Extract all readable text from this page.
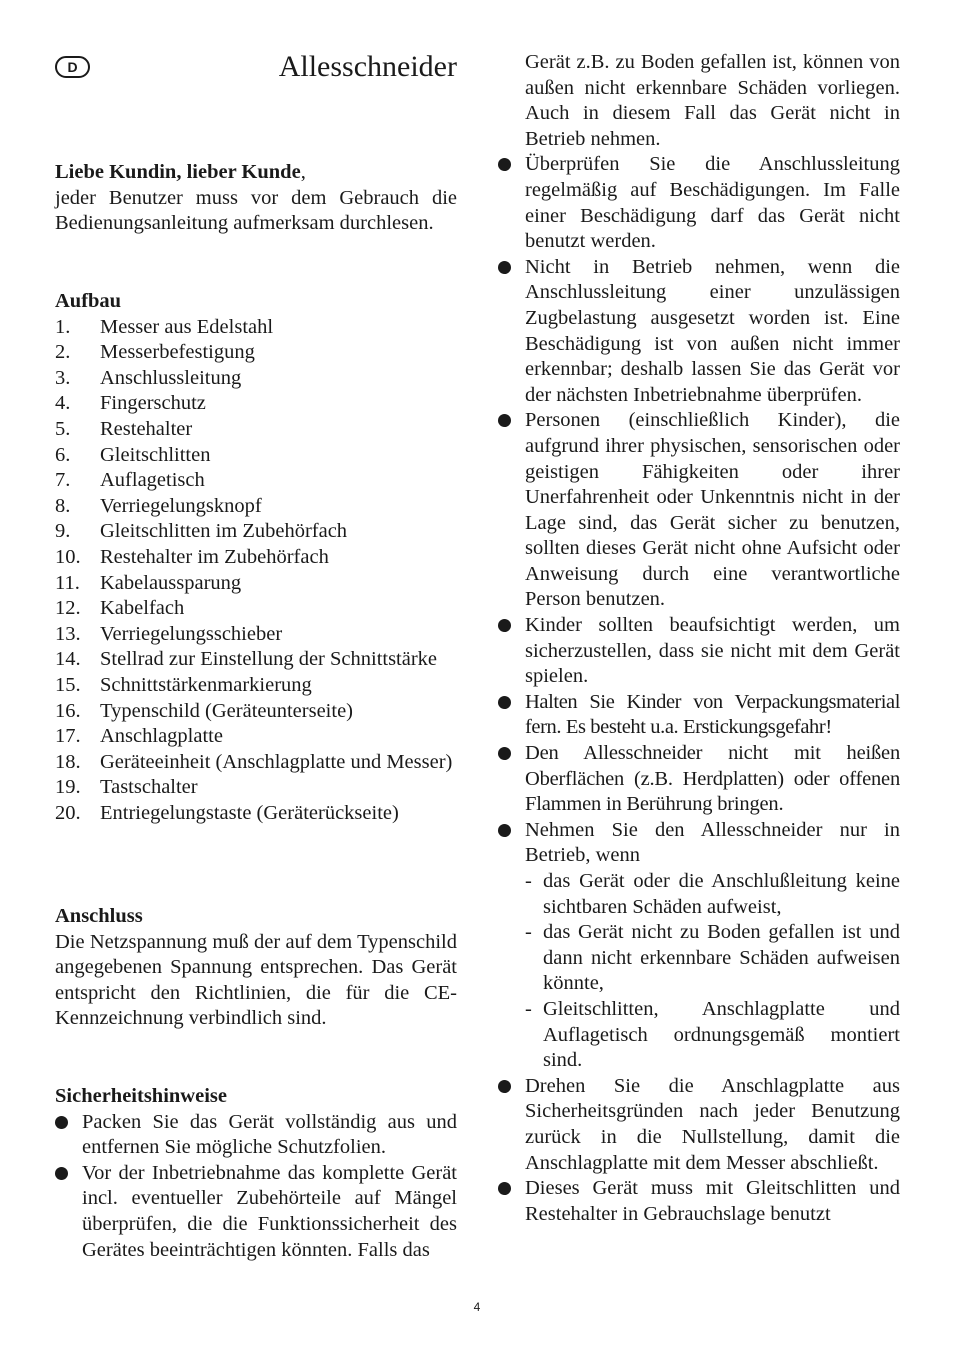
D	Allesschneider

Liebe Kundin, lieber Kunde,

jeder Benutzer muss vor dem Gebrauch die Bedienungsanleitung aufmerksam durchlesen.

Aufbau

1.	Messer aus Edelstahl
2.	Messerbefestigung
3.	Anschlussleitung
4.	Fingerschutz
5.	Restehalter
6.	Gleitschlitten
7.	Auflagetisch
8.	Verriegelungsknopf
9.	Gleitschlitten im Zubehörfach
10. Restehalter im Zubehörfach
11. Kabelaussparung
12. Kabelfach
13. Verriegelungsschieber
14. Stellrad zur Einstellung der Schnittstärke
15. Schnittstärkenmarkierung
16. Typenschild (Geräteunterseite)
17. Anschlagplatte
18. Geräteeinheit (Anschlagplatte und Messer)
19. Tastschalter
20. Entriegelungstaste (Geräterückseite)

Anschluss

Die Netzspannung muß der auf dem Typenschild angegebenen Spannung entsprechen. Das Gerät entspricht den Richtlinien, die für die CE-Kennzeichnung verbindlich sind.

Sicherheitshinweise

Packen Sie das Gerät vollständig aus und entfernen Sie mögliche Schutzfolien.
Vor der Inbetriebnahme das komplette Gerät incl. eventueller Zubehörteile auf Mängel überprüfen, die die Funktionssicherheit des Gerätes beeinträchtigen könnten. Falls das

Gerät z.B. zu Boden gefallen ist, können von außen nicht erkennbare Schäden vorliegen. Auch in diesem Fall das Gerät nicht in Betrieb nehmen.

Überprüfen Sie die Anschlussleitung regelmäßig auf Beschädigungen. Im Falle einer Beschädigung darf das Gerät nicht benutzt werden.
Nicht in Betrieb nehmen, wenn die Anschlussleitung einer unzulässigen Zugbelastung ausgesetzt worden ist. Eine Beschädigung ist von außen nicht immer erkennbar; deshalb lassen Sie das Gerät vor der nächsten Inbetriebnahme überprüfen.
Personen (einschließlich Kinder), die aufgrund ihrer physischen, sensorischen oder geistigen Fähigkeiten oder ihrer Unerfahrenheit oder Unkenntnis nicht in der Lage sind, das Gerät sicher zu benutzen, sollten dieses Gerät nicht ohne Aufsicht oder Anweisung durch eine verantwortliche Person benutzen.
Kinder sollten beaufsichtigt werden, um sicherzustellen, dass sie nicht mit dem Gerät spielen.
Halten Sie Kinder von Verpackungsmaterial fern. Es besteht u.a. Erstickungsgefahr!
Den Allesschneider nicht mit heißen Oberflächen (z.B. Herdplatten) oder offenen Flammen in Berührung bringen.
Nehmen Sie den Allesschneider nur in Betrieb, wenn
- das Gerät oder die Anschlußleitung keine sichtbaren Schäden aufweist,
- das Gerät nicht zu Boden gefallen ist und dann nicht erkennbare Schäden aufweisen könnte,
- Gleitschlitten, Anschlagplatte und Auflagetisch ordnungsgemäß montiert sind.
Drehen Sie die Anschlagplatte aus Sicherheitsgründen nach jeder Benutzung zurück in die Nullstellung, damit die Anschlagplatte mit dem Messer abschließt.
Dieses Gerät muss mit Gleitschlitten und Restehalter in Gebrauchslage benutzt
4
